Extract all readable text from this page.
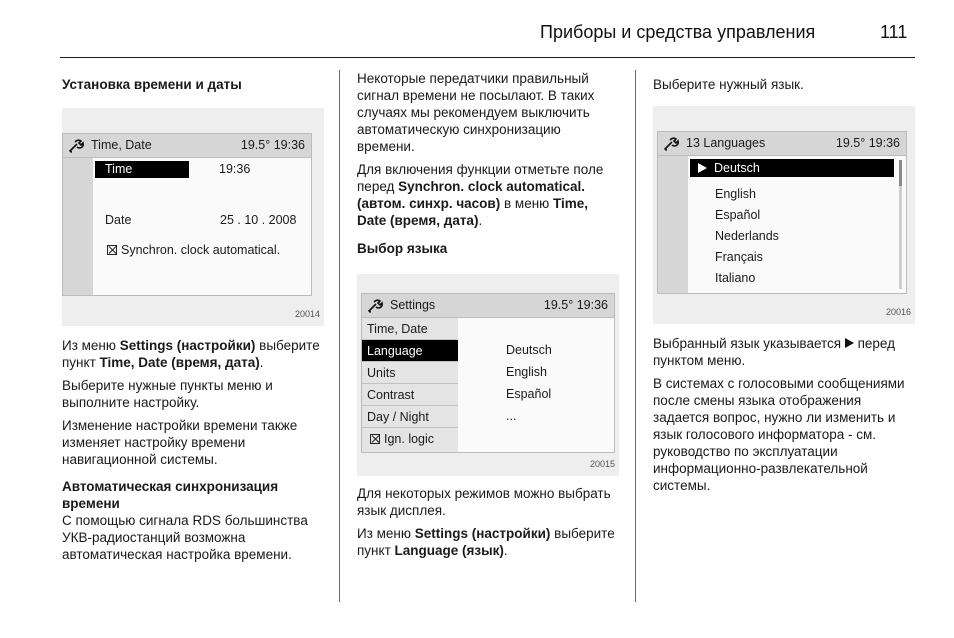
Приборы и средства управления	111
Установка времени и даты
Time, Date	19.5° 19:36
Time	19:36
Date	25 . 10 . 2008
Synchron. clock automatical.
20014

Из меню Settings (настройки) выберите пункт Time, Date (время, дата).

Выберите нужные пункты меню и выполните настройку.

Изменение настройки времени также изменяет настройку времени навигационной системы.

Автоматическая синхронизация времени

С помощью сигнала RDS большинства УКВ-радиостанций возможна автоматическая настройка времени.

Некоторые передатчики правильный сигнал времени не посылают. В таких случаях мы рекомендуем выключить автоматическую синхронизацию времени.

Для включения функции отметьте поле перед Synchron. clock automatical. (автом. синхр. часов) в меню Time, Date (время, дата).

Выбор языка
Settings	19.5° 19:36
Time, Date
Language
Units
Contrast
Day / Night
Ign. logic
Deutsch
English
Español
...
20015

Для некоторых режимов можно выбрать язык дисплея.

Из меню Settings (настройки) выберите пункт Language (язык).

Выберите нужный язык.

13 Languages	19.5° 19:36
Deutsch
English
Español
Nederlands
Français
Italiano
20016

Выбранный язык указывается  перед пунктом меню.

В системах с голосовыми сообщениями после смены языка отображения задается вопрос, нужно ли изменить и язык голосового информатора - см. руководство по эксплуатации информационно-развлекательной системы.
